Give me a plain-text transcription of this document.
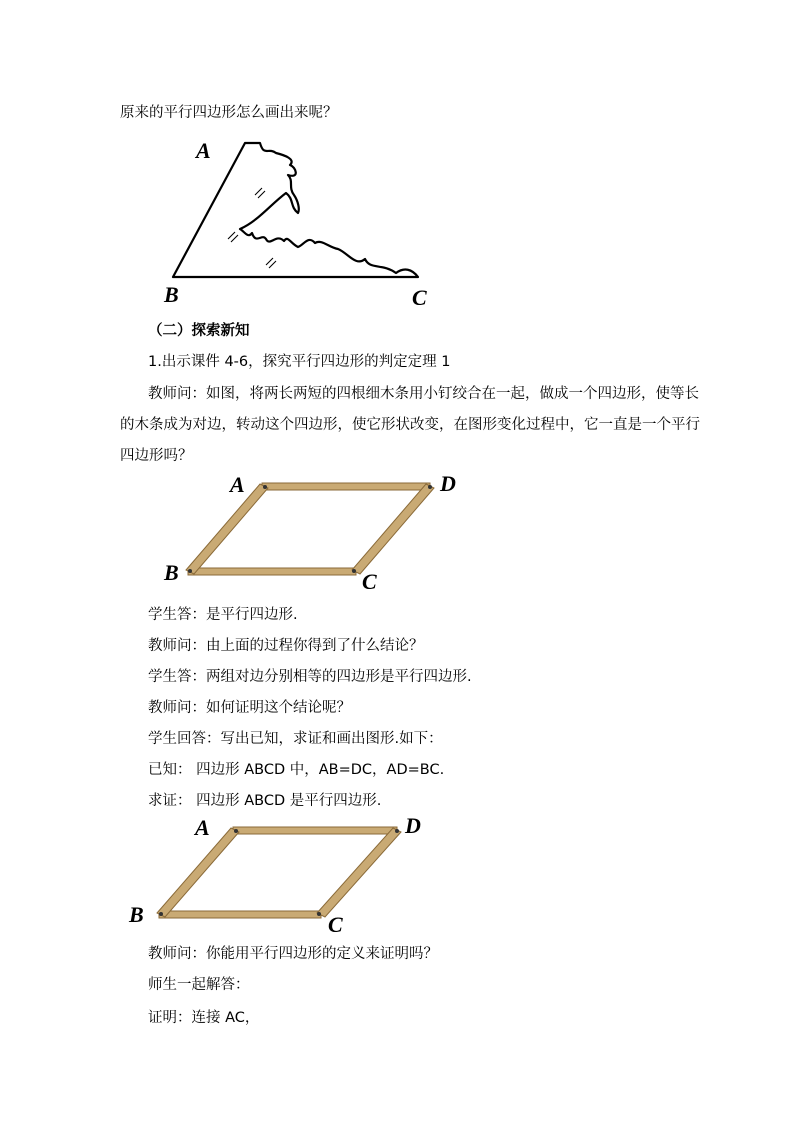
原来的平行四边形怎么画出来呢？
A
B	C
（二）探索新知
1.出示课件 4-6，探究平行四边形的判定定理 1
教师问：如图，将两长两短的四根细木条用小钉绞合在一起，做成一个四边形，使等长
的木条成为对边，转动这个四边形，使它形状改变，在图形变化过程中，它一直是一个平行
四边形吗？
A	D
B	C
学生答：是平行四边形.
教师问：由上面的过程你得到了什么结论？
学生答：两组对边分别相等的四边形是平行四边形.
教师问：如何证明这个结论呢？
学生回答：写出已知，求证和画出图形.如下：
已知： 四边形 ABCD 中，AB=DC，AD=BC.
求证： 四边形 ABCD 是平行四边形.
A	D
B	C
教师问：你能用平行四边形的定义来证明吗？
师生一起解答：
证明：连接 AC，
